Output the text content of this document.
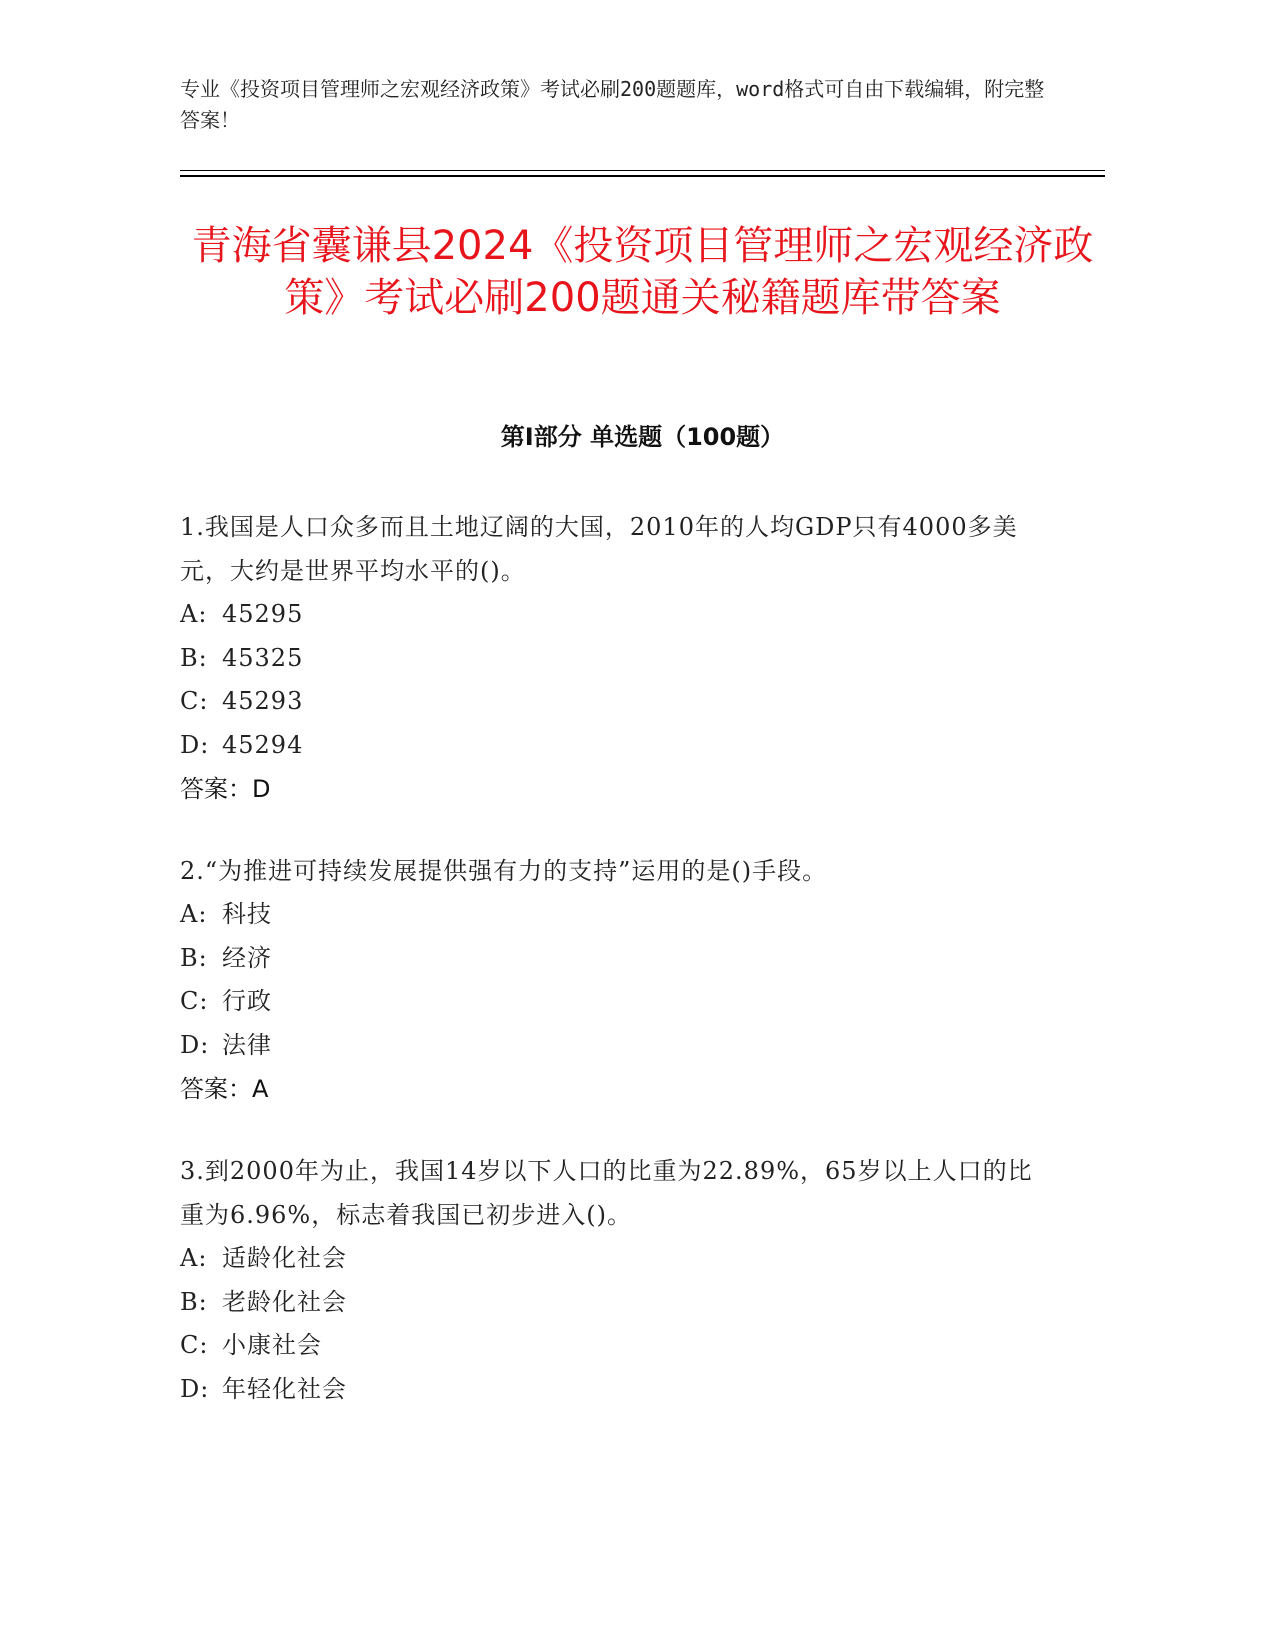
专业《投资项目管理师之宏观经济政策》考试必刷200题题库，word格式可自由下载编辑，附完整答案！
青海省囊谦县2024《投资项目管理师之宏观经济政策》考试必刷200题通关秘籍题库带答案
第I部分 单选题（100题）

1.我国是人口众多而且土地辽阔的大国，2010年的人均GDP只有4000多美元，大约是世界平均水平的()。

A: 45295

B: 45325

C: 45293

D: 45294

答案：D

2.“为推进可持续发展提供强有力的支持”运用的是()手段。

A: 科技

B: 经济

C: 行政

D: 法律

答案：A

3.到2000年为止，我国14岁以下人口的比重为22.89%，65岁以上人口的比重为6.96%，标志着我国已初步进入()。

A: 适龄化社会

B: 老龄化社会

C: 小康社会

D: 年轻化社会
